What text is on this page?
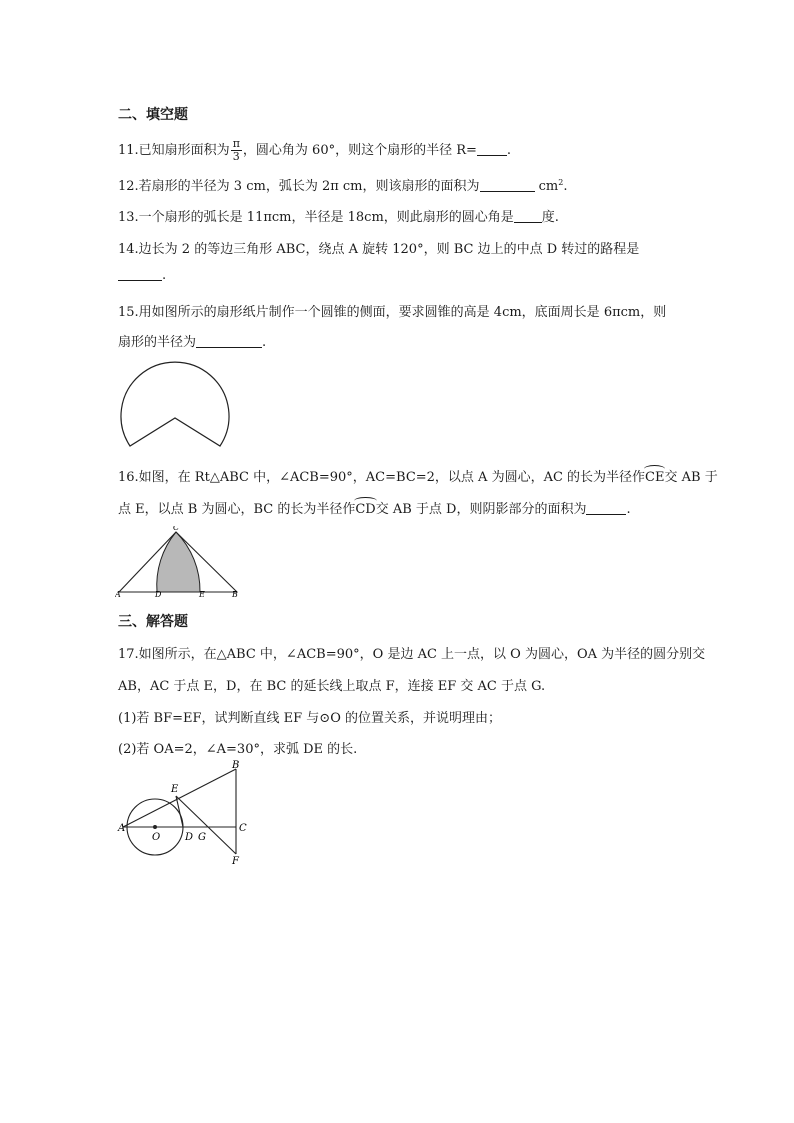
二、填空题
11.已知扇形面积为 $\frac{\pi}{3}$ ，圆心角为 60°，则这个扇形的半径 R= .
12.若扇形的半径为 3 cm，弧长为 2π cm，则该扇形的面积为	$cm^2$.
13.一个扇形的弧长是 11πcm，半径是 18cm，则此扇形的圆心角是 度.
14.边长为 2 的等边三角形 ABC，绕点 A 旋转 120°，则 BC 边上的中点 D 转过的路程是
.
15.用如图所示的扇形纸片制作一个圆锥的侧面，要求圆锥的高是 4cm，底面周长是 6πcm，则
扇形的半径为	.
16.如图，在 Rt△ABC 中，∠ACB=90°，AC=BC=2，以点 A 为圆心，AC 的长为半径作CE交 AB 于
点 E，以点 B 为圆心，BC 的长为半径作CD交 AB 于点 D，则阴影部分的面积为	.
A
C
D	E	B
三、解答题
17.如图所示，在△ABC 中，∠ACB=90°，O 是边 AC 上一点，以 O 为圆心，OA 为半径的圆分别交
AB，AC 于点 E，D，在 BC 的延长线上取点 F，连接 EF 交 AC 于点 G.
(1)若 BF=EF，试判断直线 EF 与⊙O 的位置关系，并说明理由；
(2)若 OA=2，∠A=30°，求弧 DE 的长.
A
B
C
E
O D G
F
